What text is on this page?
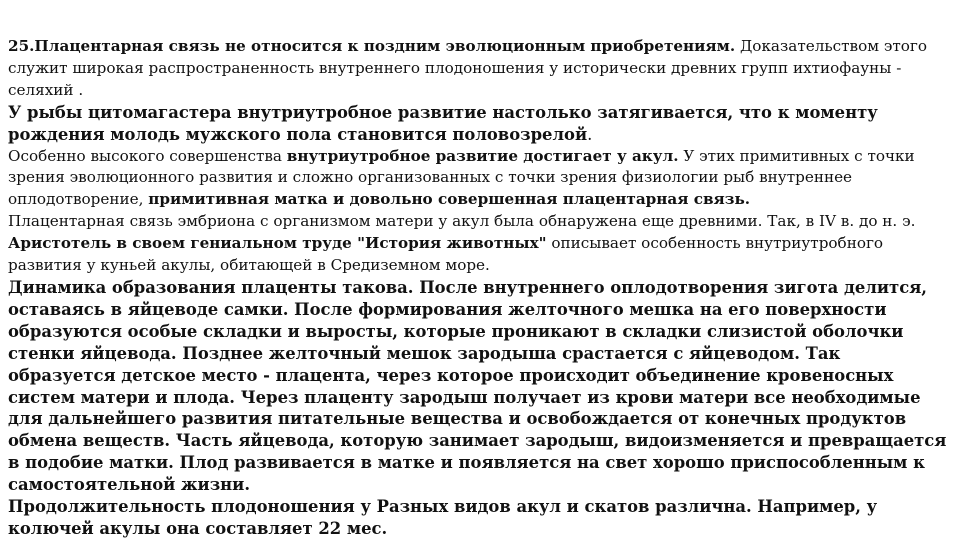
25.Плацентарная связь не относится к поздним эволюционным приобретениям. Доказательством этого служит широкая распространенность внутреннего плодоношения у исторически древних групп ихтиофауны - селяхий .

У рыбы цитомагастера внутриутробное развитие настолько затягивается, что к моменту рождения молодь мужского пола становится половозрелой.

Особенно высокого совершенства внутриутробное развитие достигает у акул. У этих примитивных с точки зрения эволюционного развития и сложно организованных с точки зрения физиологии рыб внутреннее оплодотворение, примитивная матка и довольно совершенная плацентарная связь.

Плацентарная связь эмбриона с организмом матери у акул была обнаружена еще древними. Так, в IV в. до н. э. Аристотель в своем гениальном труде "История животных" описывает особенность внутриутробного развития у куньей акулы, обитающей в Средиземном море.

Динамика образования плаценты такова. После внутреннего оплодотворения зигота делится, оставаясь в яйцеводе самки. После формирования желточного мешка на его поверхности образуются особые складки и выросты, которые проникают в складки слизистой оболочки стенки яйцевода. Позднее желточный мешок зародыша срастается с яйцеводом. Так образуется детское место - плацента, через которое происходит объединение кровеносных систем матери и плода. Через плаценту зародыш получает из крови матери все необходимые для дальнейшего развития питательные вещества и освобождается от конечных продуктов обмена веществ. Часть яйцевода, которую занимает зародыш, видоизменяется и превращается в подобие матки. Плод развивается в матке и появляется на свет хорошо приспособленным к самостоятельной жизни.

Продолжительность плодоношения у Разных видов акул и скатов различна. Например, у колючей акулы она составляет 22 мес.
